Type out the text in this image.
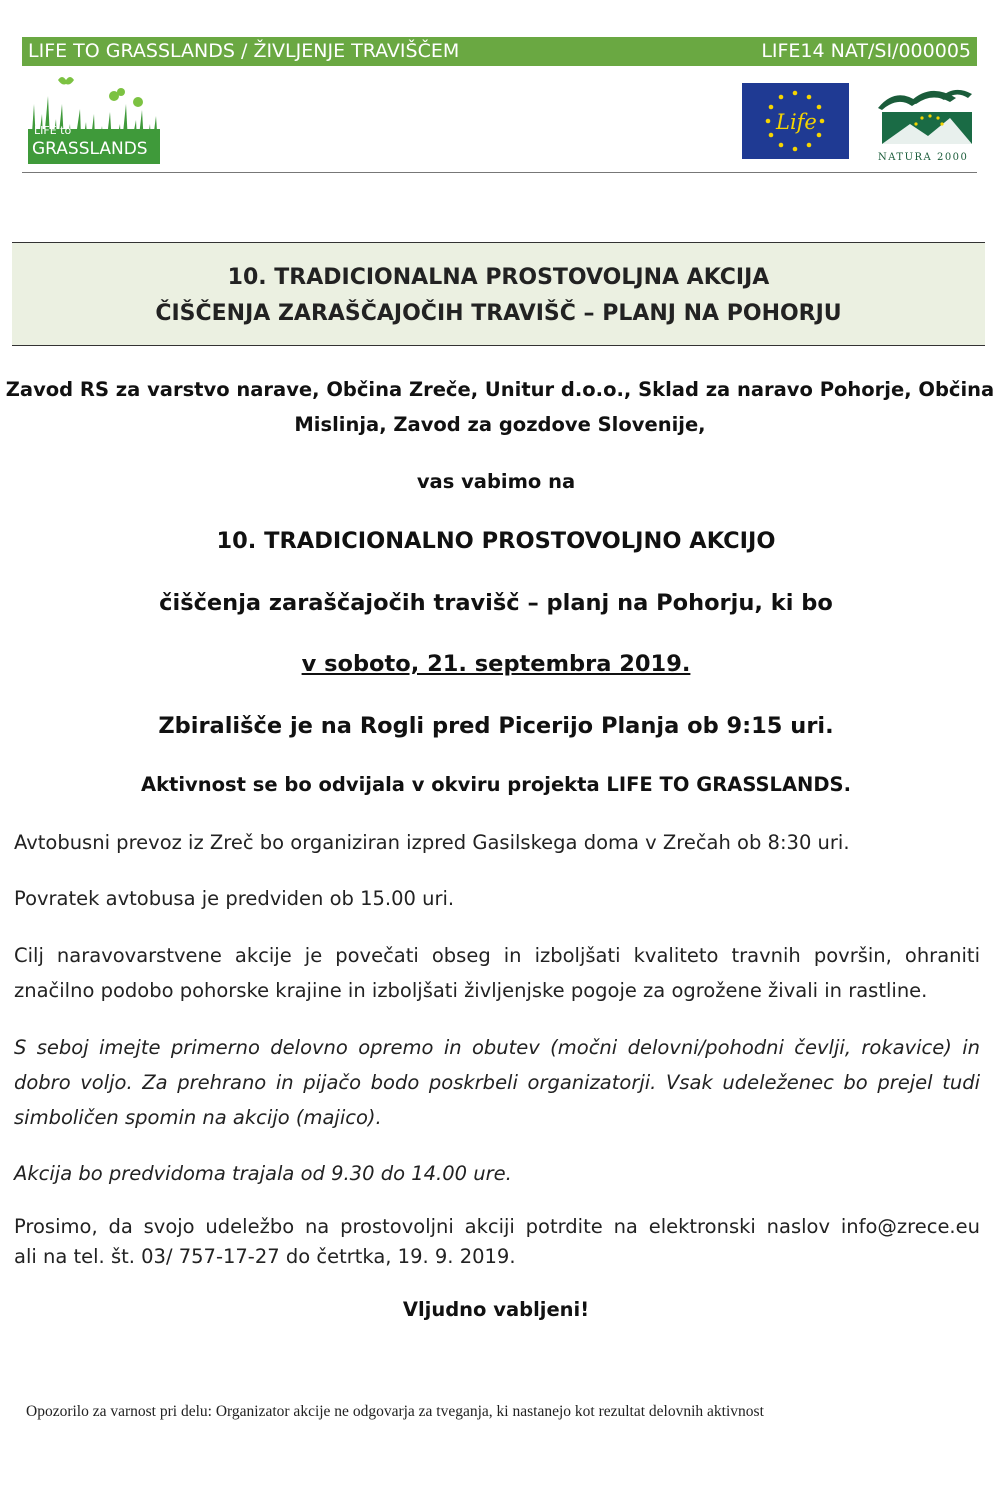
LIFE TO GRASSLANDS / ŽIVLJENJE TRAVIŠČEM	LIFE14 NAT/SI/000005
LIFE to
GRASSLANDS
Life
NATURA 2000
10. TRADICIONALNA PROSTOVOLJNA AKCIJA
ČIŠČENJA ZARAŠČAJOČIH TRAVIŠČ – PLANJ NA POHORJU
Zavod RS za varstvo narave, Občina Zreče, Unitur d.o.o., Sklad za naravo Pohorje, Občina
Mislinja, Zavod za gozdove Slovenije,
vas vabimo na
10. TRADICIONALNO PROSTOVOLJNO AKCIJO
čiščenja zaraščajočih travišč – planj na Pohorju, ki bo
v soboto, 21. septembra 2019.
Zbirališče je na Rogli pred Picerijo Planja ob 9:15 uri.
Aktivnost se bo odvijala v okviru projekta LIFE TO GRASSLANDS.
Avtobusni prevoz iz Zreč bo organiziran izpred Gasilskega doma v Zrečah ob 8:30 uri.
Povratek avtobusa je predviden ob 15.00 uri.
Cilj naravovarstvene akcije je povečati obseg in izboljšati kvaliteto travnih površin, ohraniti
značilno podobo pohorske krajine in izboljšati življenjske pogoje za ogrožene živali in rastline.
S seboj imejte primerno delovno opremo in obutev (močni delovni/pohodni čevlji, rokavice) in
dobro voljo. Za prehrano in pijačo bodo poskrbeli organizatorji. Vsak udeleženec bo prejel tudi
simboličen spomin na akcijo (majico).
Akcija bo predvidoma trajala od 9.30 do 14.00 ure.
Prosimo, da svojo udeležbo na prostovoljni akciji potrdite na elektronski naslov info@zrece.eu
ali na tel. št. 03/ 757-17-27 do četrtka, 19. 9. 2019.
Vljudno vabljeni!
Opozorilo za varnost pri delu: Organizator akcije ne odgovarja za tveganja, ki nastanejo kot rezultat delovnih aktivnost
